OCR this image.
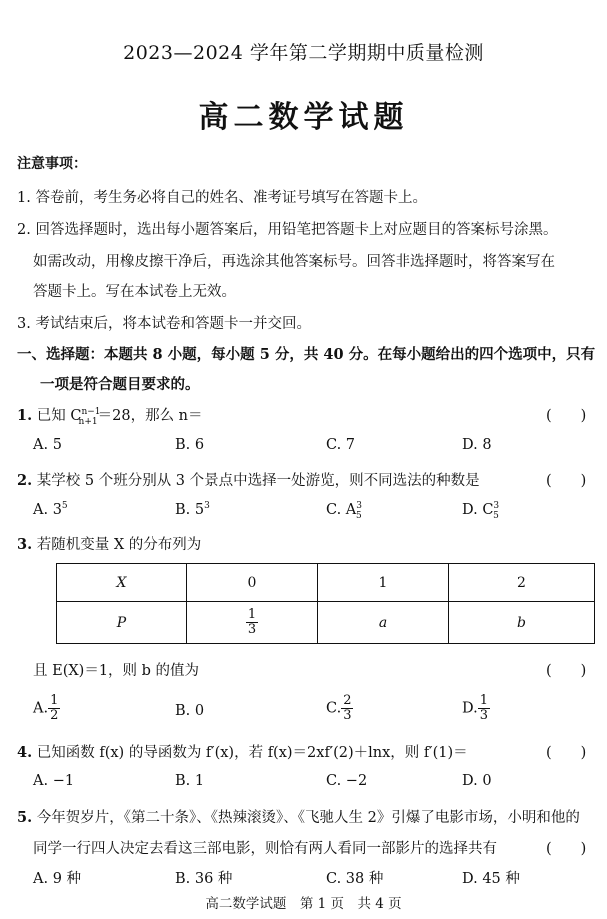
2023—2024 学年第二学期期中质量检测
高二数学试题
注意事项：
1. 答卷前，考生务必将自己的姓名、准考证号填写在答题卡上。
2. 回答选择题时，选出每小题答案后，用铅笔把答题卡上对应题目的答案标号涂黑。
如需改动，用橡皮擦干净后，再选涂其他答案标号。回答非选择题时，将答案写在
答题卡上。写在本试卷上无效。
3. 考试结束后，将本试卷和答题卡一并交回。
一、选择题：本题共 8 小题，每小题 5 分，共 40 分。在每小题给出的四个选项中，只有
一项是符合题目要求的。
1. 已知 $C^{n-1}_{n+1}=28$，那么 n＝	(　　)
A. 5	B. 6	C. 7	D. 8
2. 某学校 5 个班分别从 3 个景点中选择一处游览，则不同选法的种数是	(　　)
A. $3^5$	B. $5^3$	C. $A^3_5$	D. $C^3_5$
3. 若随机变量 X 的分布列为
X	0	1	2
P	$\frac{1}{3}$	a	b
且 E(X)＝1，则 b 的值为	(　　)
A. $\frac{1}{2}$	B. 0	C. $\frac{2}{3}$	D. $\frac{1}{3}$
4. 已知函数 f(x) 的导函数为 f′(x)，若 f(x)＝2xf′(2)＋lnx，则 f′(1)＝	(　　)
A. −1	B. 1	C. −2	D. 0
5. 今年贺岁片，《第二十条》、《热辣滚烫》、《飞驰人生 2》引爆了电影市场，小明和他的
同学一行四人决定去看这三部电影，则恰有两人看同一部影片的选择共有	(　　)
A. 9 种	B. 36 种	C. 38 种	D. 45 种
高二数学试题　第 1 页　共 4 页
